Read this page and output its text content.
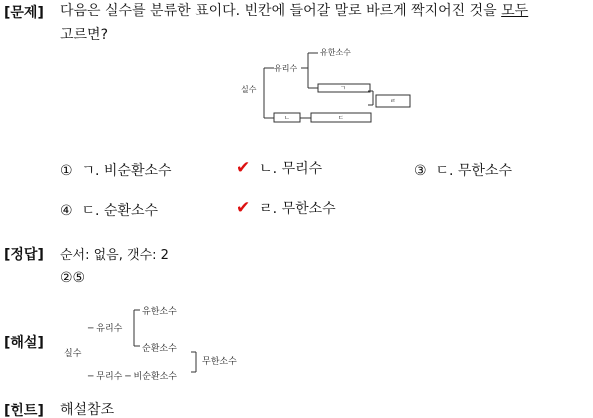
[문제] 다음은 실수를 분류한 표이다. 빈칸에 들어갈 말로 바르게 짝지어진 것을 모두
고르면?
실수
유리수
유한소수
ㄱ
ㄴ	ㄷ
ㄹ
① ㄱ. 비순환소수	✔ ㄴ. 무리수	③ ㄷ. 무한소수
④ ㄷ. 순환소수	✔ ㄹ. 무한소수
[정답] 순서: 없음, 갯수: 2
②⑤
[해설]
실수
─ 유리수
─ 무리수 ─ 비순환소수
유한소수
순환소수
무한소수
[힌트] 해설참조
